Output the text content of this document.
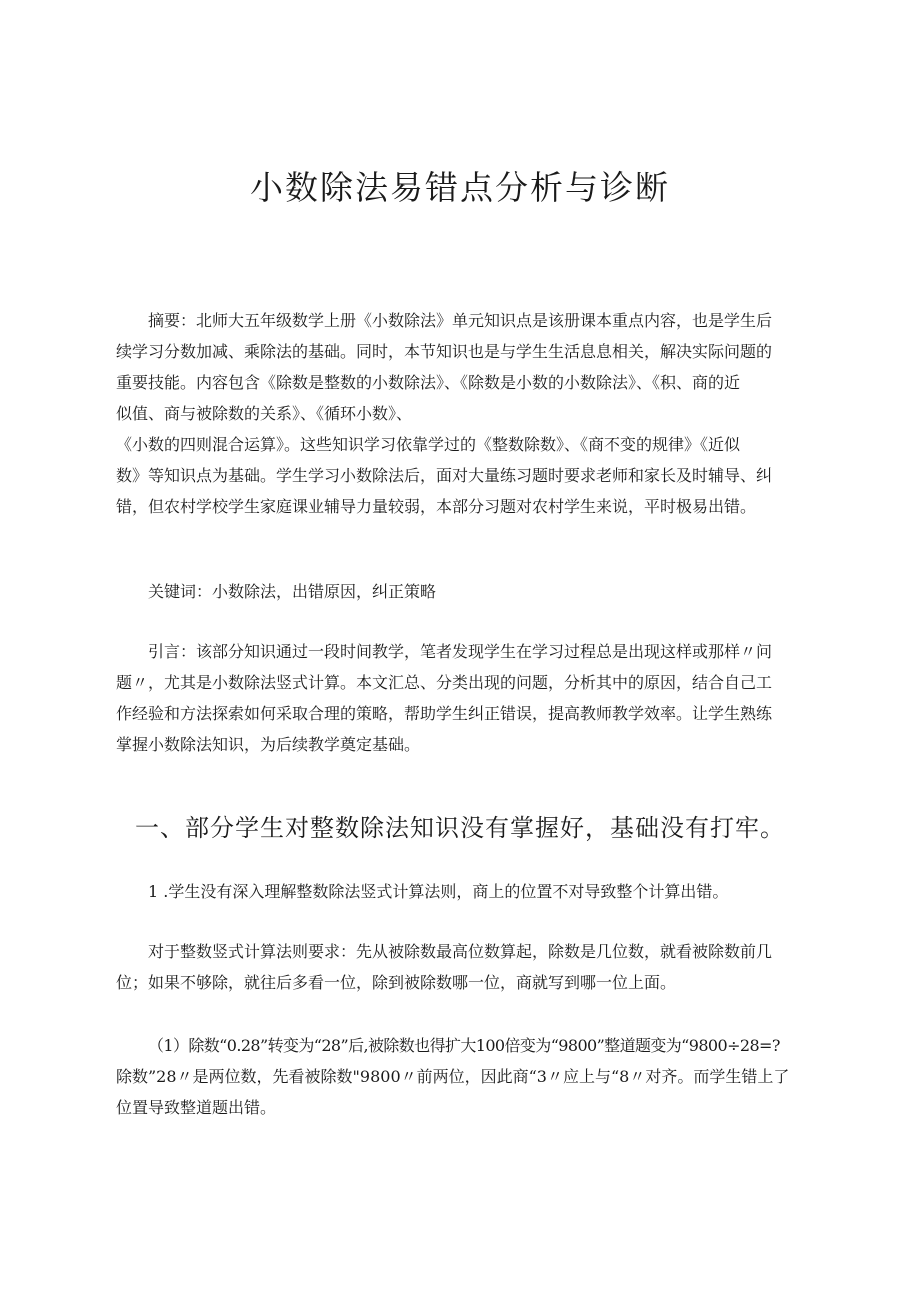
小数除法易错点分析与诊断

摘要：北师大五年级数学上册《小数除法》单元知识点是该册课本重点内容，也是学生后
续学习分数加减、乘除法的基础。同时，本节知识也是与学生生活息息相关，解决实际问题的
重要技能。内容包含《除数是整数的小数除法》、《除数是小数的小数除法》、《积、商的近
似值、商与被除数的关系》、《循环小数》、
《小数的四则混合运算》。这些知识学习依靠学过的《整数除数》、《商不变的规律》《近似
数》等知识点为基础。学生学习小数除法后，面对大量练习题时要求老师和家长及时辅导、纠
错，但农村学校学生家庭课业辅导力量较弱，本部分习题对农村学生来说，平时极易出错。

关键词：小数除法，出错原因，纠正策略

引言：该部分知识通过一段时间教学，笔者发现学生在学习过程总是出现这样或那样〃问
题〃，尤其是小数除法竖式计算。本文汇总、分类出现的问题，分析其中的原因，结合自己工
作经验和方法探索如何采取合理的策略，帮助学生纠正错误，提高教师教学效率。让学生熟练
掌握小数除法知识，为后续教学奠定基础。

一、部分学生对整数除法知识没有掌握好，基础没有打牢。

1 .学生没有深入理解整数除法竖式计算法则，商上的位置不对导致整个计算出错。

对于整数竖式计算法则要求：先从被除数最高位数算起，除数是几位数，就看被除数前几
位；如果不够除，就往后多看一位，除到被除数哪一位，商就写到哪一位上面。

（1）除数“0.28”转变为“28”后,被除数也得扩大100倍变为“9800”整道题变为“9800÷28=?
除数”28〃是两位数，先看被除数"9800〃前两位，因此商“3〃应上与“8〃对齐。而学生错上了
位置导致整道题出错。
